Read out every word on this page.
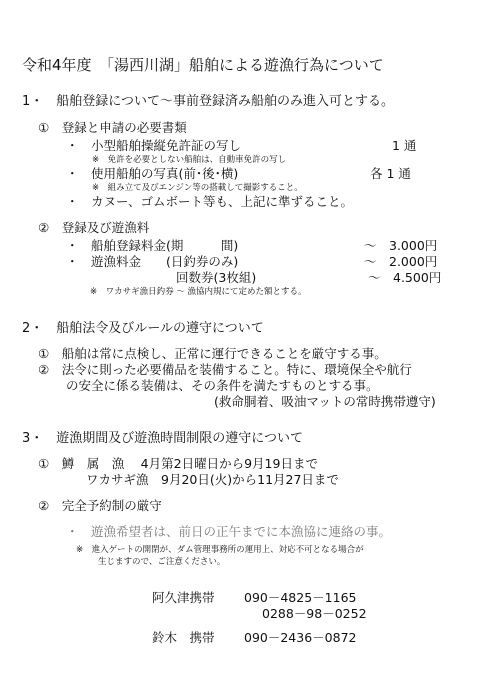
令和4年度　「湯西川湖」船舶による遊漁行為について
1・　船舶登録について～事前登録済み船舶のみ進入可とする。
①　登録と申請の必要書類
・　小型船舶操縦免許証の写し	1 通
※　免許を必要としない船舶は、自動車免許の写し
・　使用船舶の写真(前･後･横)	各 1 通
※　組み立て及びエンジン等の搭載して撮影すること。
・　カヌー、ゴムボート等も、上記に準ずること。
②　登録及び遊漁料
・　船舶登録料金(期　　　間)	～　3.000円
・　遊漁料金　　(日釣券のみ)	～　2.000円
回数券(3枚組)	～　4.500円
※　ワカサギ漁日釣券 ～ 漁協内規にて定めた額とする。
2・　船舶法令及びルールの遵守について
①　船舶は常に点検し、正常に運行できることを厳守する事。
②　法令に則った必要備品を装備すること。特に、環境保全や航行
の安全に係る装備は、その条件を満たすものとする事。
(救命胴着、吸油マットの常時携帯遵守)
3・　遊漁期間及び遊漁時間制限の遵守について
①　鱒　属　漁　 4月第2日曜日から9月19日まで
ワカサギ漁　9月20日(火)から11月27日まで
②　完全予約制の厳守
・　遊漁希望者は、前日の正午までに本漁協に連絡の事。
※　進入ゲートの開閉が、ダム管理事務所の運用上、対応不可となる場合が
生じますので、ご注意ください。
阿久津携帯 090－4825－1165
0288－98－0252
鈴木　携帯 090－2436－0872
